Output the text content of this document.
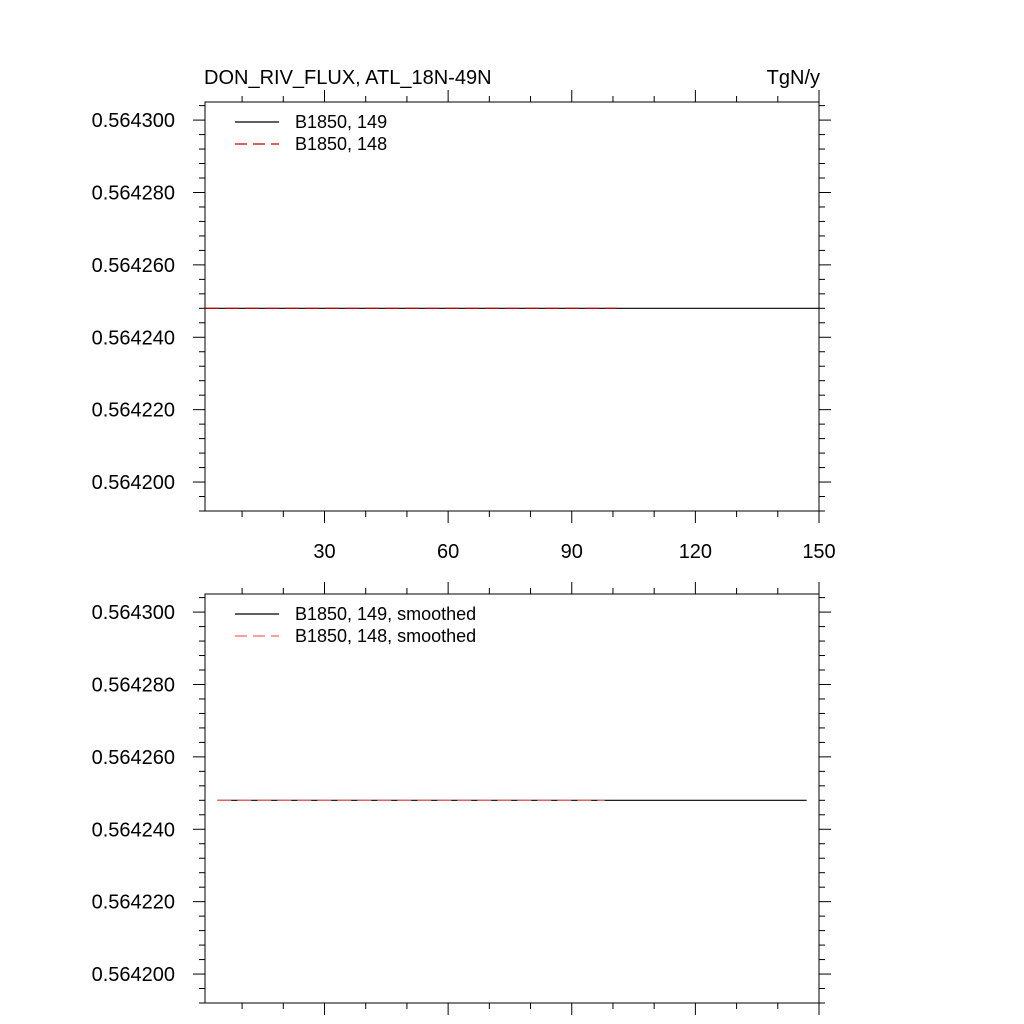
DON_RIV_FLUX, ATL_18N-49N	TgN/y
0.564200
0.564220
0.564240
0.564260
0.564280
0.564300
30	60	90	120	150
B1850, 149
B1850, 148
0.564200
0.564220
0.564240
0.564260
0.564280
0.564300	B1850, 149, smoothed
B1850, 148, smoothed
